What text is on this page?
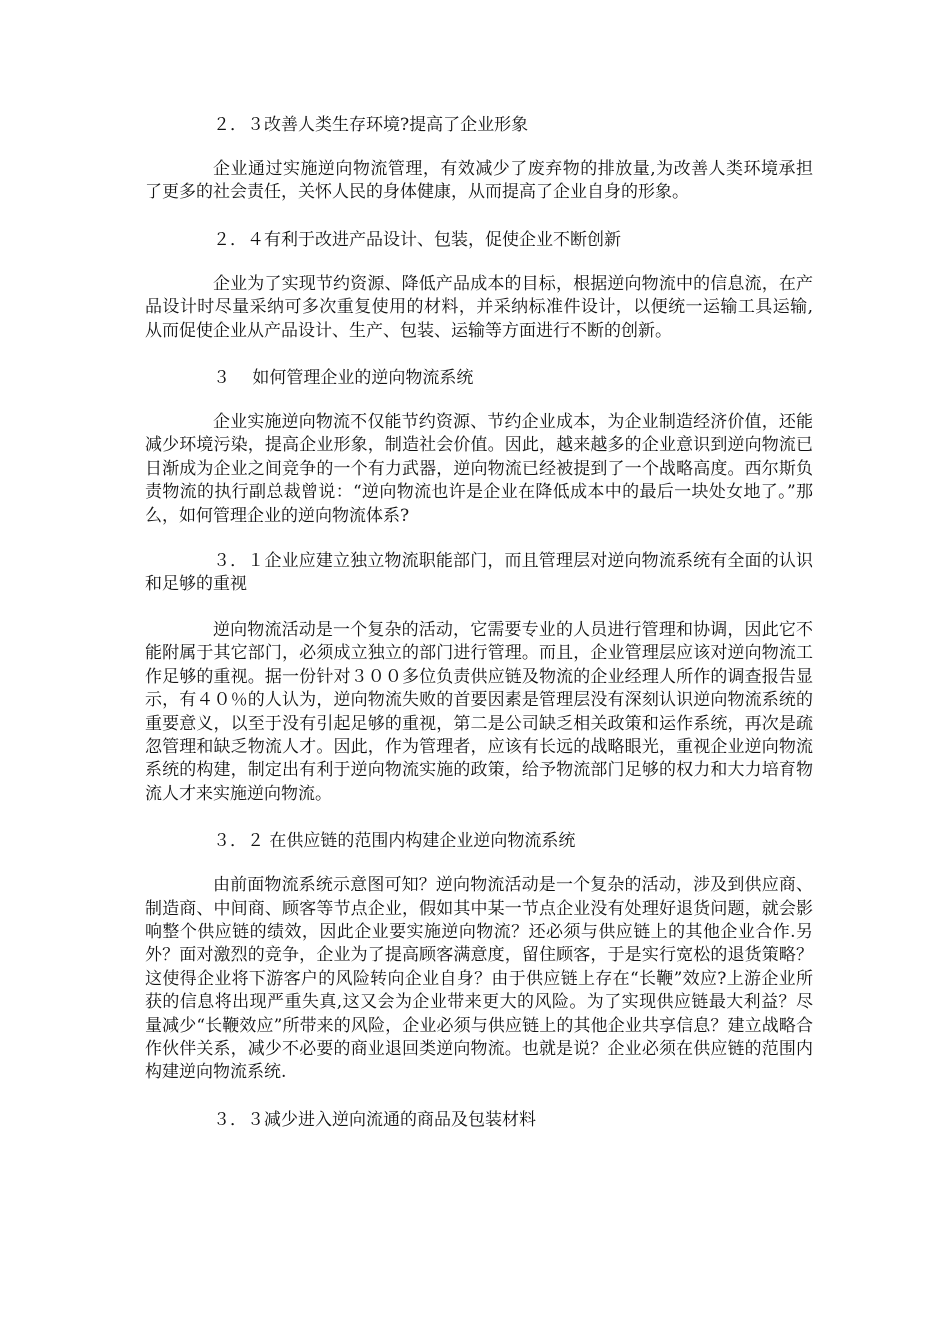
２．３改善人类生存环境?提高了企业形象
企业通过实施逆向物流管理，有效减少了废弃物的排放量,为改善人类环境承担了更多的社会责任，关怀人民的身体健康，从而提高了企业自身的形象。
２．４有利于改进产品设计、包装，促使企业不断创新
企业为了实现节约资源、降低产品成本的目标，根据逆向物流中的信息流，在产品设计时尽量采纳可多次重复使用的材料，并采纳标准件设计，以便统一运输工具运输,从而促使企业从产品设计、生产、包装、运输等方面进行不断的创新。
３　 如何管理企业的逆向物流系统
企业实施逆向物流不仅能节约资源、节约企业成本，为企业制造经济价值，还能减少环境污染，提高企业形象，制造社会价值。因此，越来越多的企业意识到逆向物流已日渐成为企业之间竞争的一个有力武器，逆向物流已经被提到了一个战略高度。西尔斯负责物流的执行副总裁曾说：“逆向物流也许是企业在降低成本中的最后一块处女地了。”那么，如何管理企业的逆向物流体系?
３．１企业应建立独立物流职能部门，而且管理层对逆向物流系统有全面的认识和足够的重视
逆向物流活动是一个复杂的活动，它需要专业的人员进行管理和协调，因此它不能附属于其它部门，必须成立独立的部门进行管理。而且，企业管理层应该对逆向物流工作足够的重视。据一份针对３００多位负责供应链及物流的企业经理人所作的调查报告显示，有４０％的人认为，逆向物流失败的首要因素是管理层没有深刻认识逆向物流系统的重要意义，以至于没有引起足够的重视，第二是公司缺乏相关政策和运作系统，再次是疏忽管理和缺乏物流人才。因此，作为管理者，应该有长远的战略眼光，重视企业逆向物流系统的构建，制定出有利于逆向物流实施的政策，给予物流部门足够的权力和大力培育物流人才来实施逆向物流。
３．２ 在供应链的范围内构建企业逆向物流系统
由前面物流系统示意图可知？逆向物流活动是一个复杂的活动，涉及到供应商、制造商、中间商、顾客等节点企业，假如其中某一节点企业没有处理好退货问题，就会影响整个供应链的绩效，因此企业要实施逆向物流？还必须与供应链上的其他企业合作.另外？面对激烈的竞争，企业为了提高顾客满意度，留住顾客，于是实行宽松的退货策略？这使得企业将下游客户的风险转向企业自身？由于供应链上存在“长鞭”效应?上游企业所获的信息将出现严重失真,这又会为企业带来更大的风险。为了实现供应链最大利益？尽量减少“长鞭效应”所带来的风险，企业必须与供应链上的其他企业共享信息？建立战略合作伙伴关系，减少不必要的商业退回类逆向物流。也就是说？企业必须在供应链的范围内构建逆向物流系统.
３．３减少进入逆向流通的商品及包装材料
